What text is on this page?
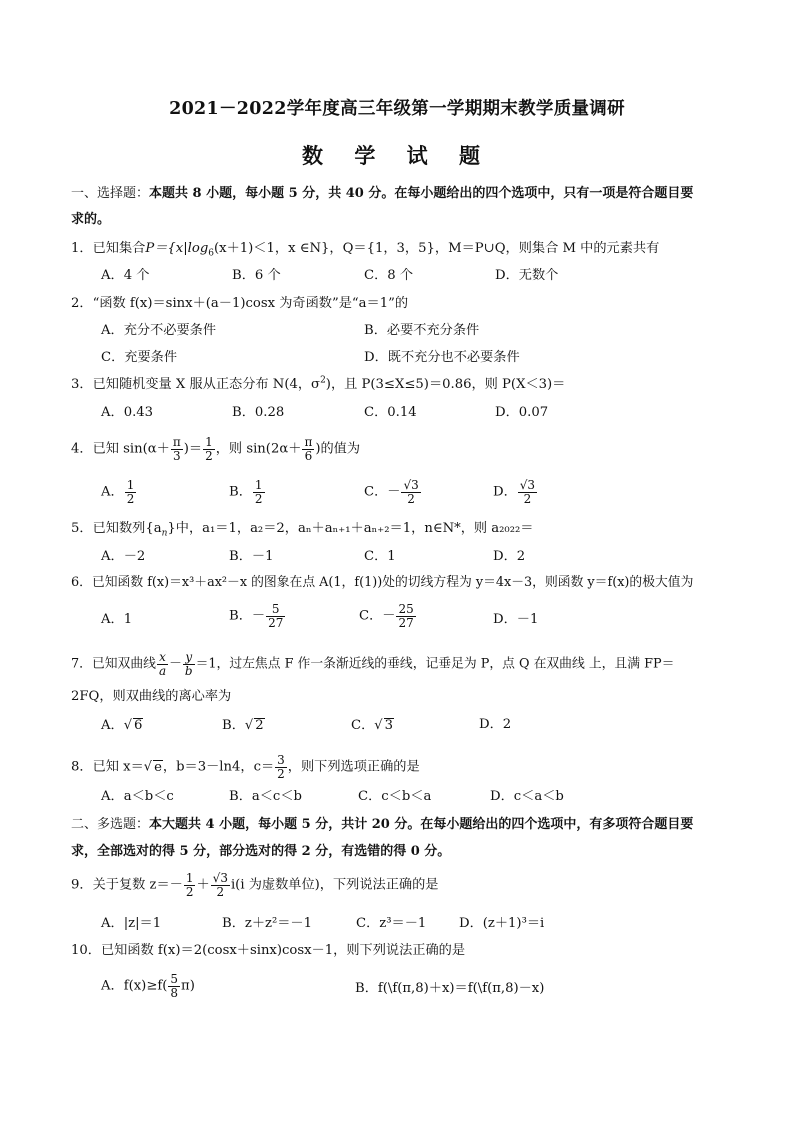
2021－2022学年度高三年级第一学期期末教学质量调研
数 学 试 题
一、选择题：本题共 8 小题，每小题 5 分，共 40 分。在每小题给出的四个选项中，只有一项是符合题目要
求的。
1．已知集合$P=\{x|\log_6(x+1)<1$，x ∈N}，Q＝{1，3，5}，M＝P∪Q，则集合 M 中的元素共有
A．4 个	B．6 个	C．8 个	D．无数个
2．“函数 f(x)＝sinx＋(a－1)cosx 为奇函数”是“a＝1”的
A．充分不必要条件	B．必要不充分条件
C．充要条件	D．既不充分也不必要条件
3．已知随机变量 X 服从正态分布 N(4，$\sigma^2$)，且 P(3≤X≤5)＝0.86，则 P(X＜3)＝
A．0.43	B．0.28	C．0.14	D．0.07
4．已知 $\sin(\alpha+ \frac{\pi}{3}$ )＝ $\frac{1}{2}$ ，则 $\sin(2\alpha+ \frac{\pi}{6}$ )的值为
A． $\frac{1}{2}$	B． $\frac{1}{2}$	C．－ $\frac{√3}{2}$	D． $\frac{√3}{2}$
5．已知数列$\{a_n\}$中，a₁＝1，a₂＝2，aₙ＋aₙ₊₁＋aₙ₊₂＝1，n∈N*，则 a₂₀₂₂＝
A．－2	B．－1	C．1	D．2
6．已知函数 f(x)＝x³＋ax²－x 的图象在点 A(1，f(1))处的切线方程为 y＝4x－3，则函数 y＝f(x)的极大值为
A．1	B．－ $\frac{5}{27}$	C．－ $\frac{25}{27}$	D．－1
7．已知双曲线 $\frac{x}{a} - \frac{y}{b} =1$，过左焦点 F 作一条渐近线的垂线，记垂足为 P，点 Q 在双曲线 上，且满 FP＝
2FQ，则双曲线的离心率为
A．√ 6	B．√ 2	C．√ 3	D．2
8．已知 x＝√ e，b＝3－ln4，$c= \frac{3}{2}$ ，则下列选项正确的是
A．a＜b＜c	B．a＜c＜b	C．c＜b＜a	D．c＜a＜b
二、多选题：本大题共 4 小题，每小题 5 分，共计 20 分。在每小题给出的四个选项中，有多项符合题目要
求，全部选对的得 5 分，部分选对的得 2 分，有选错的得 0 分。
9．关于复数 $z=- \frac{1}{2} + \frac{√3}{2} i(i$ 为虚数单位)，下列说法正确的是
A．|z|＝1	B．z＋z²＝－1	C．z³＝－1 D．(z＋1)³＝i
10．已知函数 f(x)＝2(cosx＋sinx)cosx－1，则下列说法正确的是
A．$f(x)\ge f( \frac{5}{8} \pi)$	B．f(\f(π,8)＋x)＝f(\f(π,8)－x)
